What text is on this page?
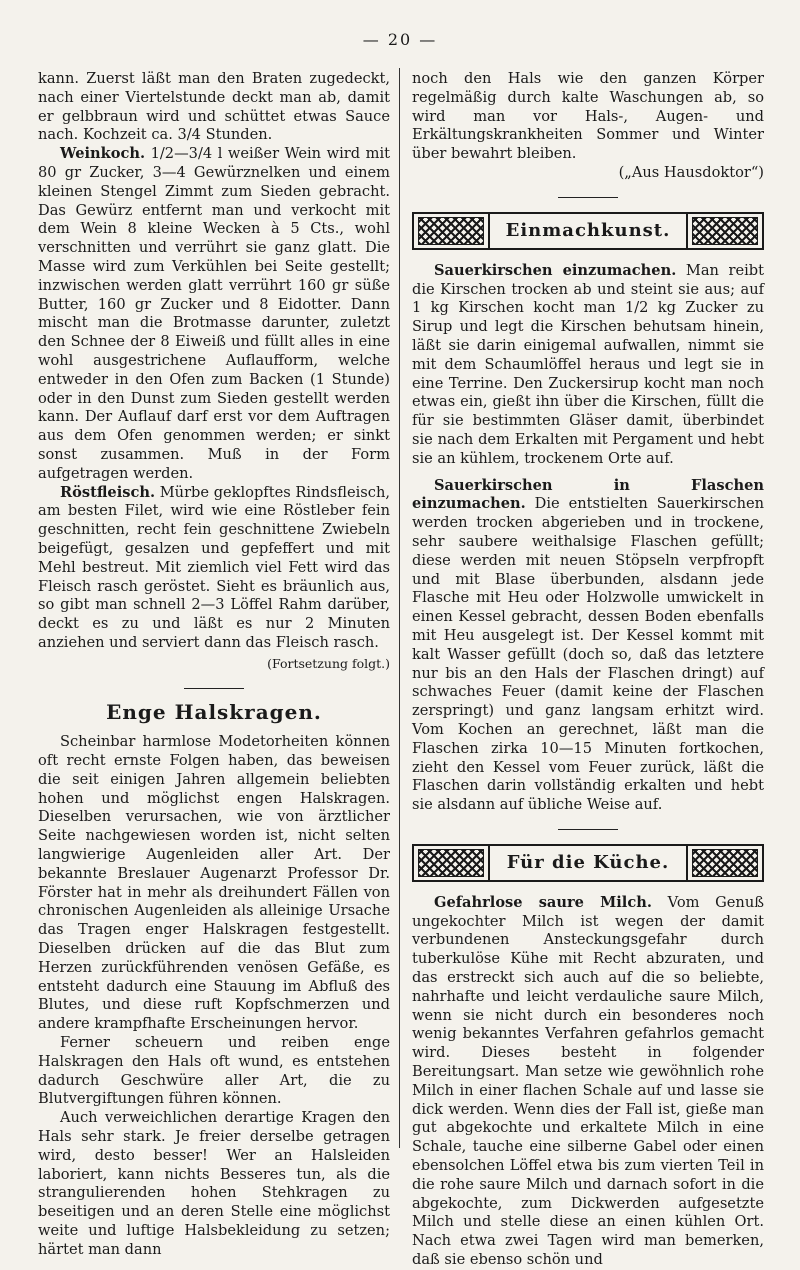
— 20 —

kann. Zuerst läßt man den Braten zugedeckt, nach einer Viertelstunde deckt man ab, damit er gelbbraun wird und schüttet etwas Sauce nach. Kochzeit ca. 3/4 Stunden.

Weinkoch. 1/2—3/4 l weißer Wein wird mit 80 gr Zucker, 3—4 Gewürznelken und einem kleinen Stengel Zimmt zum Sieden gebracht. Das Gewürz entfernt man und verkocht mit dem Wein 8 kleine Wecken à 5 Cts., wohl verschnitten und verrührt sie ganz glatt. Die Masse wird zum Verkühlen bei Seite gestellt; inzwischen werden glatt verrührt 160 gr süße Butter, 160 gr Zucker und 8 Eidotter. Dann mischt man die Brotmasse darunter, zuletzt den Schnee der 8 Eiweiß und füllt alles in eine wohl ausgestrichene Auflaufform, welche entweder in den Ofen zum Backen (1 Stunde) oder in den Dunst zum Sieden gestellt werden kann. Der Auflauf darf erst vor dem Auftragen aus dem Ofen genommen werden; er sinkt sonst zusammen. Muß in der Form aufgetragen werden.

Röstfleisch. Mürbe geklopftes Rindsfleisch, am besten Filet, wird wie eine Röstleber fein geschnitten, recht fein geschnittene Zwiebeln beigefügt, gesalzen und gepfeffert und mit Mehl bestreut. Mit ziemlich viel Fett wird das Fleisch rasch geröstet. Sieht es bräunlich aus, so gibt man schnell 2—3 Löffel Rahm darüber, deckt es zu und läßt es nur 2 Minuten anziehen und serviert dann das Fleisch rasch.

(Fortsetzung folgt.)

Enge Halskragen.

Scheinbar harmlose Modetorheiten können oft recht ernste Folgen haben, das beweisen die seit einigen Jahren allgemein beliebten hohen und möglichst engen Halskragen. Dieselben verursachen, wie von ärztlicher Seite nachgewiesen worden ist, nicht selten langwierige Augenleiden aller Art. Der bekannte Breslauer Augenarzt Professor Dr. Förster hat in mehr als dreihundert Fällen von chronischen Augenleiden als alleinige Ursache das Tragen enger Halskragen festgestellt. Dieselben drücken auf die das Blut zum Herzen zurückführenden venösen Gefäße, es entsteht dadurch eine Stauung im Abfluß des Blutes, und diese ruft Kopfschmerzen und andere krampfhafte Erscheinungen hervor.

Ferner scheuern und reiben enge Halskragen den Hals oft wund, es entstehen dadurch Geschwüre aller Art, die zu Blutvergiftungen führen können.

Auch verweichlichen derartige Kragen den Hals sehr stark. Je freier derselbe getragen wird, desto besser! Wer an Halsleiden laboriert, kann nichts Besseres tun, als die strangulierenden hohen Stehkragen zu beseitigen und an deren Stelle eine möglichst weite und luftige Halsbekleidung zu setzen; härtet man dann

noch den Hals wie den ganzen Körper regelmäßig durch kalte Waschungen ab, so wird man vor Hals-, Augen- und Erkältungskrankheiten Sommer und Winter über bewahrt bleiben.

(„Aus Hausdoktor“)

Einmachkunst.

Sauerkirschen einzumachen. Man reibt die Kirschen trocken ab und steint sie aus; auf 1 kg Kirschen kocht man 1/2 kg Zucker zu Sirup und legt die Kirschen behutsam hinein, läßt sie darin einigemal aufwallen, nimmt sie mit dem Schaumlöffel heraus und legt sie in eine Terrine. Den Zuckersirup kocht man noch etwas ein, gießt ihn über die Kirschen, füllt die für sie bestimmten Gläser damit, überbindet sie nach dem Erkalten mit Pergament und hebt sie an kühlem, trockenem Orte auf.

Sauerkirschen in Flaschen einzumachen. Die entstielten Sauerkirschen werden trocken abgerieben und in trockene, sehr saubere weithalsige Flaschen gefüllt; diese werden mit neuen Stöpseln verpfropft und mit Blase überbunden, alsdann jede Flasche mit Heu oder Holzwolle umwickelt in einen Kessel gebracht, dessen Boden ebenfalls mit Heu ausgelegt ist. Der Kessel kommt mit kalt Wasser gefüllt (doch so, daß das letztere nur bis an den Hals der Flaschen dringt) auf schwaches Feuer (damit keine der Flaschen zerspringt) und ganz langsam erhitzt wird. Vom Kochen an gerechnet, läßt man die Flaschen zirka 10—15 Minuten fortkochen, zieht den Kessel vom Feuer zurück, läßt die Flaschen darin vollständig erkalten und hebt sie alsdann auf übliche Weise auf.

Für die Küche.

Gefahrlose saure Milch. Vom Genuß ungekochter Milch ist wegen der damit verbundenen Ansteckungsgefahr durch tuberkulöse Kühe mit Recht abzuraten, und das erstreckt sich auch auf die so beliebte, nahrhafte und leicht verdauliche saure Milch, wenn sie nicht durch ein besonderes noch wenig bekanntes Verfahren gefahrlos gemacht wird. Dieses besteht in folgender Bereitungsart. Man setze wie gewöhnlich rohe Milch in einer flachen Schale auf und lasse sie dick werden. Wenn dies der Fall ist, gieße man gut abgekochte und erkaltete Milch in eine Schale, tauche eine silberne Gabel oder einen ebensolchen Löffel etwa bis zum vierten Teil in die rohe saure Milch und darnach sofort in die abgekochte, zum Dickwerden aufgesetzte Milch und stelle diese an einen kühlen Ort. Nach etwa zwei Tagen wird man bemerken, daß sie ebenso schön und
